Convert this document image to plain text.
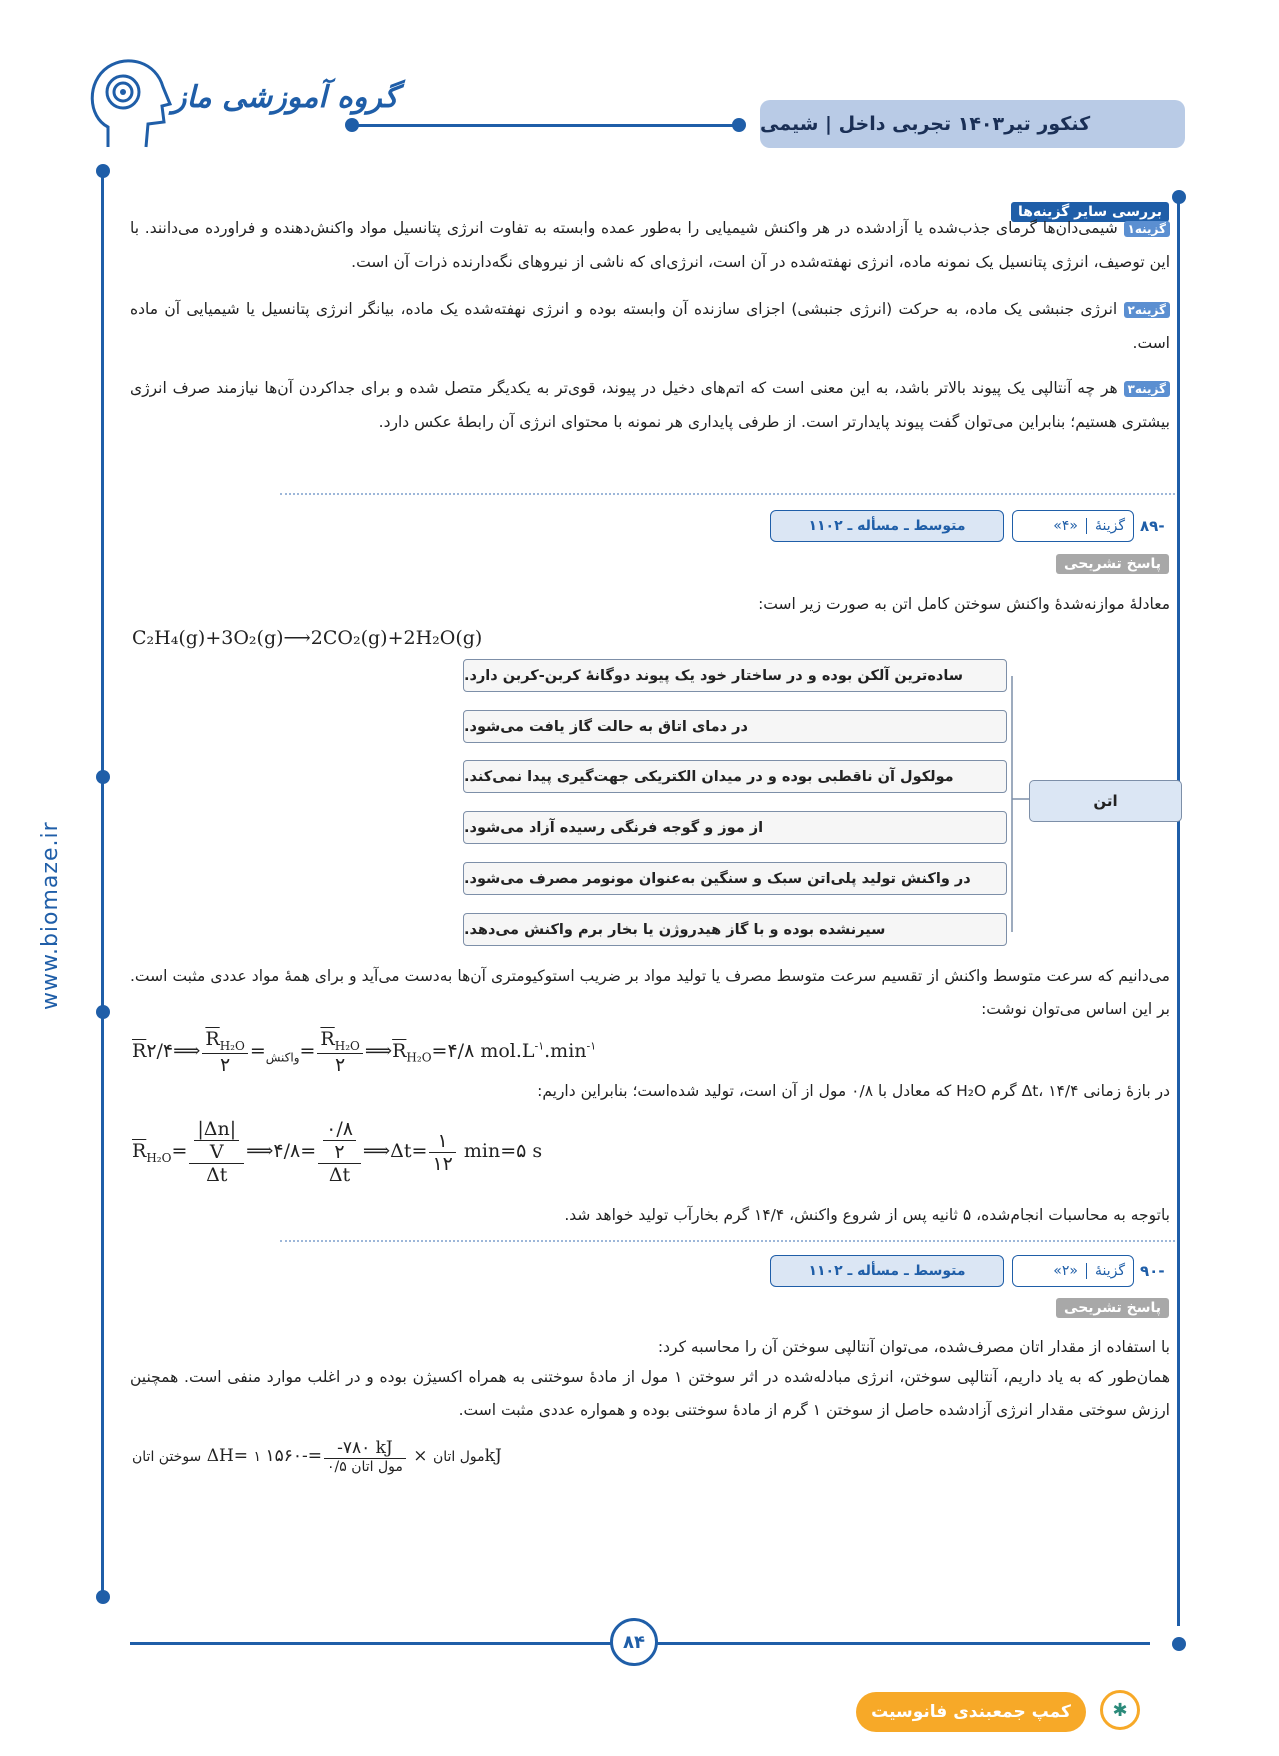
گروه آموزشی ماز
کنکور تیر۱۴۰۳ تجربی داخل | شیمی
www.biomaze.ir
بررسی سایر گزینه‌ها
گزینه۱ شیمی‌دان‌ها گرمای جذب‌شده یا آزادشده در هر واکنش شیمیایی را به‌طور عمده وابسته به تفاوت انرژی پتانسیل مواد واکنش‌دهنده و فراورده می‌دانند. با این توصیف، انرژی پتانسیل یک نمونه ماده، انرژی نهفته‌شده در آن است، انرژی‌ای که ناشی از نیروهای نگه‌دارنده ذرات آن است.
گزینه۲ انرژی جنبشی یک ماده، به حرکت (انرژی جنبشی) اجزای سازنده آن وابسته بوده و انرژی نهفته‌شده یک ماده، بیانگر انرژی پتانسیل یا شیمیایی آن ماده است.
گزینه۳ هر چه آنتالپی یک پیوند بالاتر باشد، به این معنی است که اتم‌های دخیل در پیوند، قوی‌تر به یکدیگر متصل شده و برای جداکردن آن‌ها نیازمند صرف انرژی بیشتری هستیم؛ بنابراین می‌توان گفت پیوند پایدارتر است. از طرفی پایداری هر نمونه با محتوای انرژی آن رابطهٔ عکس دارد.
-۸۹
گزینهٔ
«۴»
متوسط ـ مسأله ـ ۱۱۰۲
پاسخ تشریحی
معادلهٔ موازنه‌شدهٔ واکنش سوختن کامل اتن به صورت زیر است:
C₂H₄(g)+3O₂(g)⟶2CO₂(g)+2H₂O(g)
ساده‌ترین آلکن بوده و در ساختار خود یک پیوند دوگانهٔ کربن-کربن دارد.
در دمای اتاق به حالت گاز یافت می‌شود.
مولکول آن ناقطبی بوده و در میدان الکتریکی جهت‌گیری پیدا نمی‌کند.
از موز و گوجه فرنگی رسیده آزاد می‌شود.
در واکنش تولید پلی‌اتن سبک و سنگین به‌عنوان مونومر مصرف می‌شود.
سیرنشده بوده و با گاز هیدروژن یا بخار برم واکنش می‌دهد.
اتن
می‌دانیم که سرعت متوسط واکنش از تقسیم سرعت متوسط مصرف یا تولید مواد بر ضریب استوکیومتری آن‌ها به‌دست می‌آید و برای همهٔ مواد عددی مثبت است. بر این اساس می‌توان نوشت:
$\overline{R}$	$_{واکنش}$=
$\frac{\overline{R}_{H_2O}}{۲}$
⟹۲/۴	= $\frac{\overline{R}_{H_2O}}{۲}$ $⟹\overline{R}_{H_2O}=۴/۸$ $mol.L^{-۱}.\min^{-۱}$
در بازهٔ زمانی Δt، ۱۴/۴ گرم H₂O که معادل با ۰/۸ مول از آن است، تولید شده‌است؛ بنابراین داریم:
$\overline{R}_{H_2O}= \frac{\frac{|\Delta n|}{V}}{\Delta t}$ ⟹۴/۸= $\frac{\frac{۰/۸}{۲}}{\Delta t}$ ⟹Δt= $\frac{۱}{۱۲}$ min=۵ s
باتوجه به محاسبات انجام‌شده، ۵ ثانیه پس از شروع واکنش، ۱۴/۴ گرم بخارآب تولید خواهد شد.
-۹۰
گزینهٔ
«۲»
متوسط ـ مسأله ـ ۱۱۰۲
پاسخ تشریحی
با استفاده از مقدار اتان مصرف‌شده، می‌توان آنتالپی سوختن آن را محاسبه کرد:
همان‌طور که به یاد داریم، آنتالپی سوختن، انرژی مبادله‌شده در اثر سوختن ۱ مول از مادهٔ سوختنی به همراه اکسیژن بوده و در اغلب موارد منفی است. همچنین ارزش سوختی مقدار انرژی آزادشده حاصل از سوختن ۱ گرم از مادهٔ سوختنی بوده و همواره عددی مثبت است.
سوختن اتان ΔH= ۱ مول اتان ×
$\frac{-۷۸۰ kJ}{\text{۰/۵ مول اتان}}$
=-۱۵۶۰kJ
۸۴
کمپ جمعبندی فانوسیت	✱
